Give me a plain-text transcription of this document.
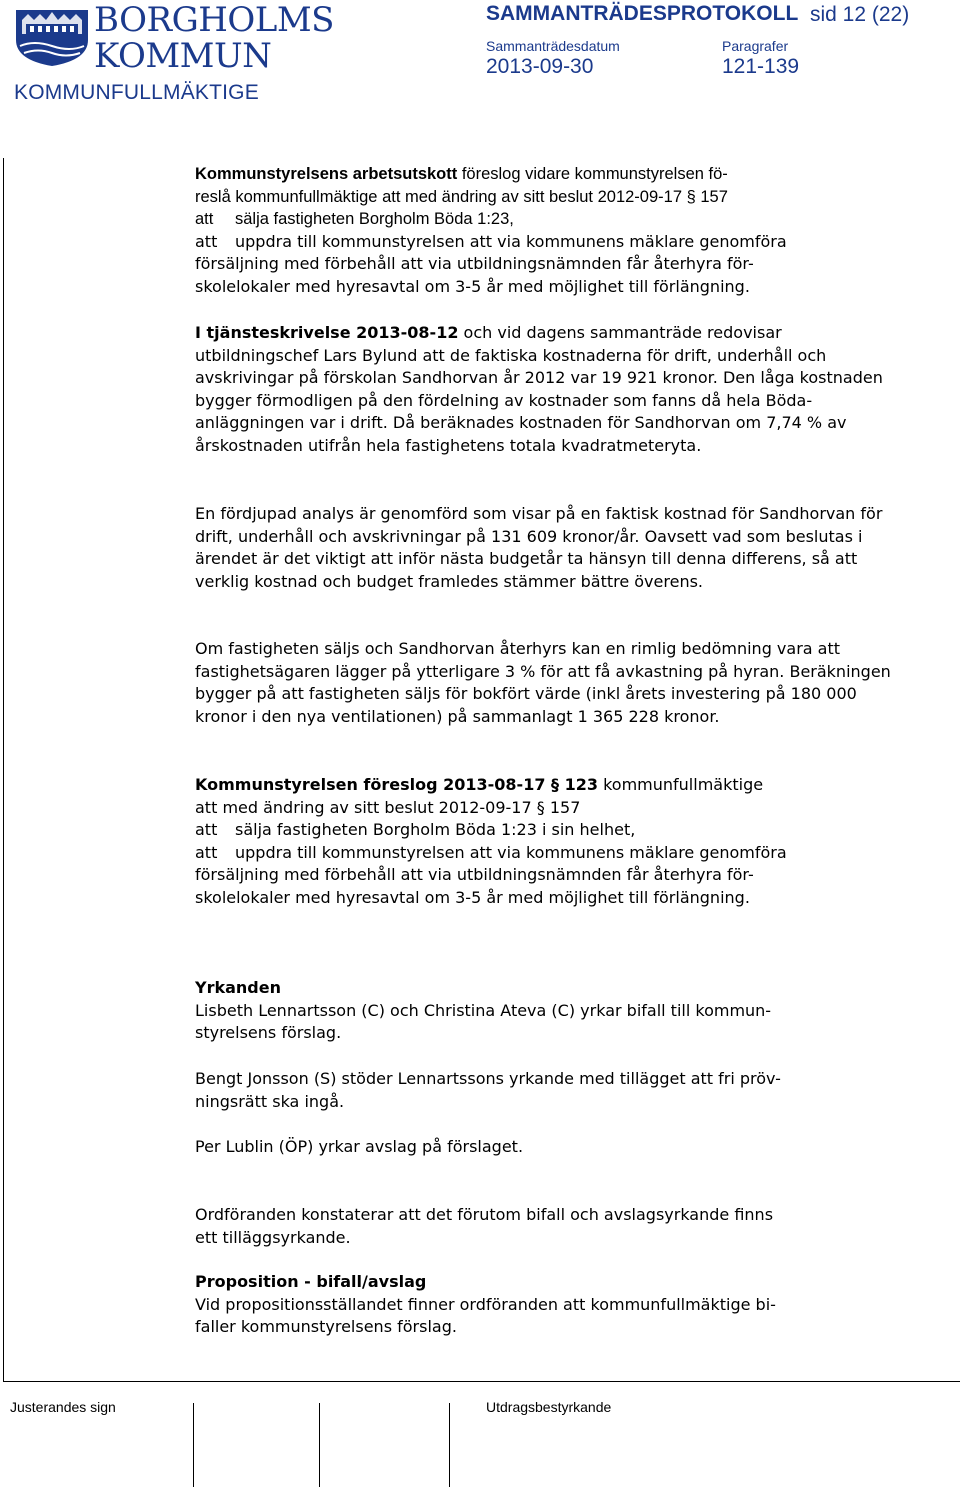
BORGHOLMS
KOMMUN
KOMMUNFULLMÄKTIGE
SAMMANTRÄDESPROTOKOLL sid 12 (22)
Sammanträdesdatum
2013-09-30
Paragrafer
121-139

Kommunstyrelsens arbetsutskott föreslog vidare kommunstyrelsen fö-

reslå kommunfullmäktige att med ändring av sitt beslut 2012-09-17 § 157

att sälja fastigheten Borgholm Böda 1:23,

att uppdra till kommunstyrelsen att via kommunens mäklare genomföra

försäljning med förbehåll att via utbildningsnämnden får återhyra för-

skolelokaler med hyresavtal om 3-5 år med möjlighet till förlängning.

I tjänsteskrivelse 2013-08-12 och vid dagens sammanträde redovisar utbildningschef Lars Bylund att de faktiska kostnaderna för drift, underhåll och avskrivingar på förskolan Sandhorvan år 2012 var 19 921 kronor. Den låga kostnaden bygger förmodligen på den fördelning av kostnader som fanns då hela Böda-anläggningen var i drift. Då beräknades kostnaden för Sandhorvan om 7,74 % av årskostnaden utifrån hela fastighetens totala kvadratmeteryta.

En fördjupad analys är genomförd som visar på en faktisk kostnad för Sandhorvan för drift, underhåll och avskrivningar på 131 609 kronor/år. Oavsett vad som beslutas i ärendet är det viktigt att inför nästa budgetår ta hänsyn till denna differens, så att verklig kostnad och budget framledes stämmer bättre överens.

Om fastigheten säljs och Sandhorvan återhyrs kan en rimlig bedömning vara att fastighetsägaren lägger på ytterligare 3 % för att få avkastning på hyran. Beräkningen bygger på att fastigheten säljs för bokfört värde (inkl årets investering på 180 000 kronor i den nya ventilationen) på sammanlagt 1 365 228 kronor.

Kommunstyrelsen föreslog 2013-08-17 § 123 kommunfullmäktige

att med ändring av sitt beslut 2012-09-17 § 157

att sälja fastigheten Borgholm Böda 1:23 i sin helhet,

att uppdra till kommunstyrelsen att via kommunens mäklare genomföra

försäljning med förbehåll att via utbildningsnämnden får återhyra för-

skolelokaler med hyresavtal om 3-5 år med möjlighet till förlängning.

Yrkanden

Lisbeth Lennartsson (C) och Christina Ateva (C) yrkar bifall till kommun-

styrelsens förslag.

Bengt Jonsson (S) stöder Lennartssons yrkande med tillägget att fri pröv-

ningsrätt ska ingå.

Per Lublin (ÖP) yrkar avslag på förslaget.

Ordföranden konstaterar att det förutom bifall och avslagsyrkande finns

ett tilläggsyrkande.

Proposition - bifall/avslag

Vid propositionsställandet finner ordföranden att kommunfullmäktige bi-

faller kommunstyrelsens förslag.

Justerandes sign	Utdragsbestyrkande
